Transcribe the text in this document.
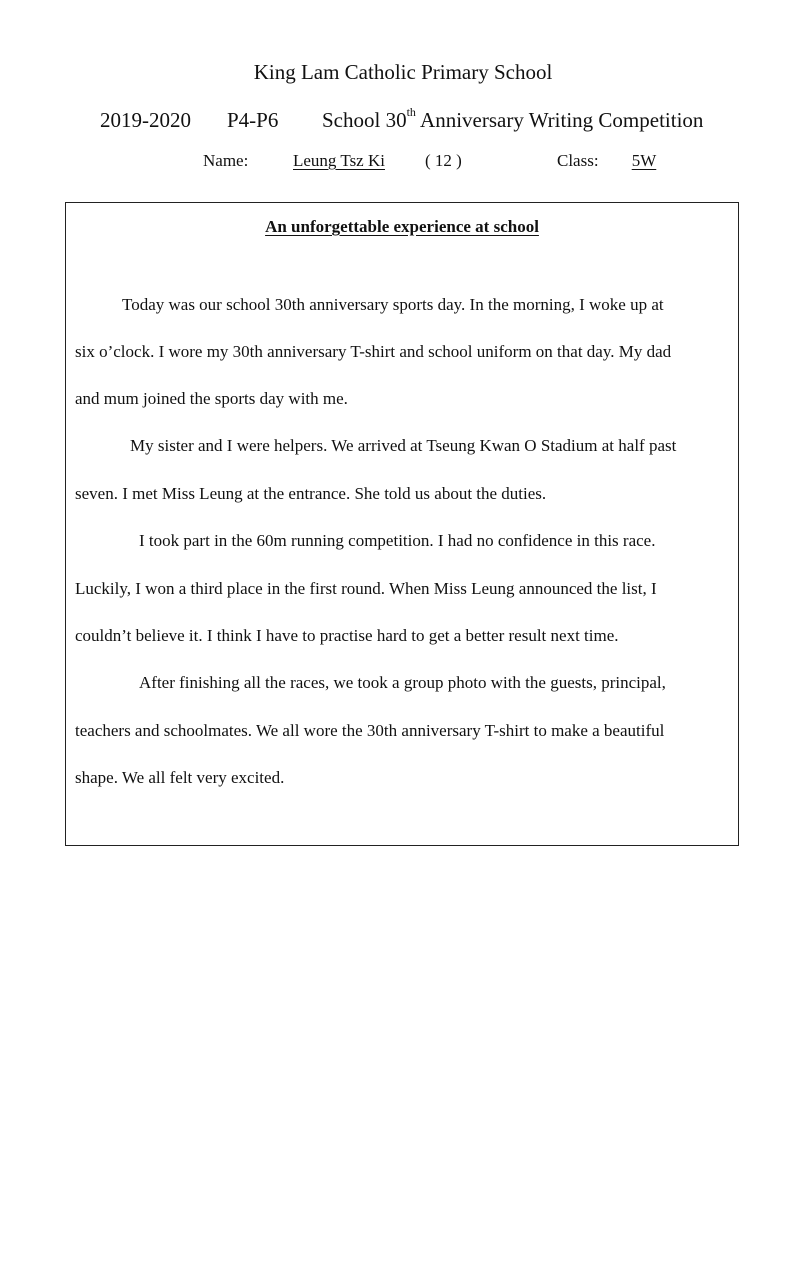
King Lam Catholic Primary School
2019-2020 P4-P6 School 30th Anniversary Writing Competition
Name:	Leung Tsz Ki	( 12 )	Class:	5W
An unforgettable experience at school
Today was our school 30th anniversary sports day. In the morning, I woke up at
six o’clock. I wore my 30th anniversary T-shirt and school uniform on that day. My dad
and mum joined the sports day with me.
My sister and I were helpers. We arrived at Tseung Kwan O Stadium at half past
seven. I met Miss Leung at the entrance. She told us about the duties.
I took part in the 60m running competition. I had no confidence in this race.
Luckily, I won a third place in the first round. When Miss Leung announced the list, I
couldn’t believe it. I think I have to practise hard to get a better result next time.
After finishing all the races, we took a group photo with the guests, principal,
teachers and schoolmates. We all wore the 30th anniversary T-shirt to make a beautiful
shape. We all felt very excited.
